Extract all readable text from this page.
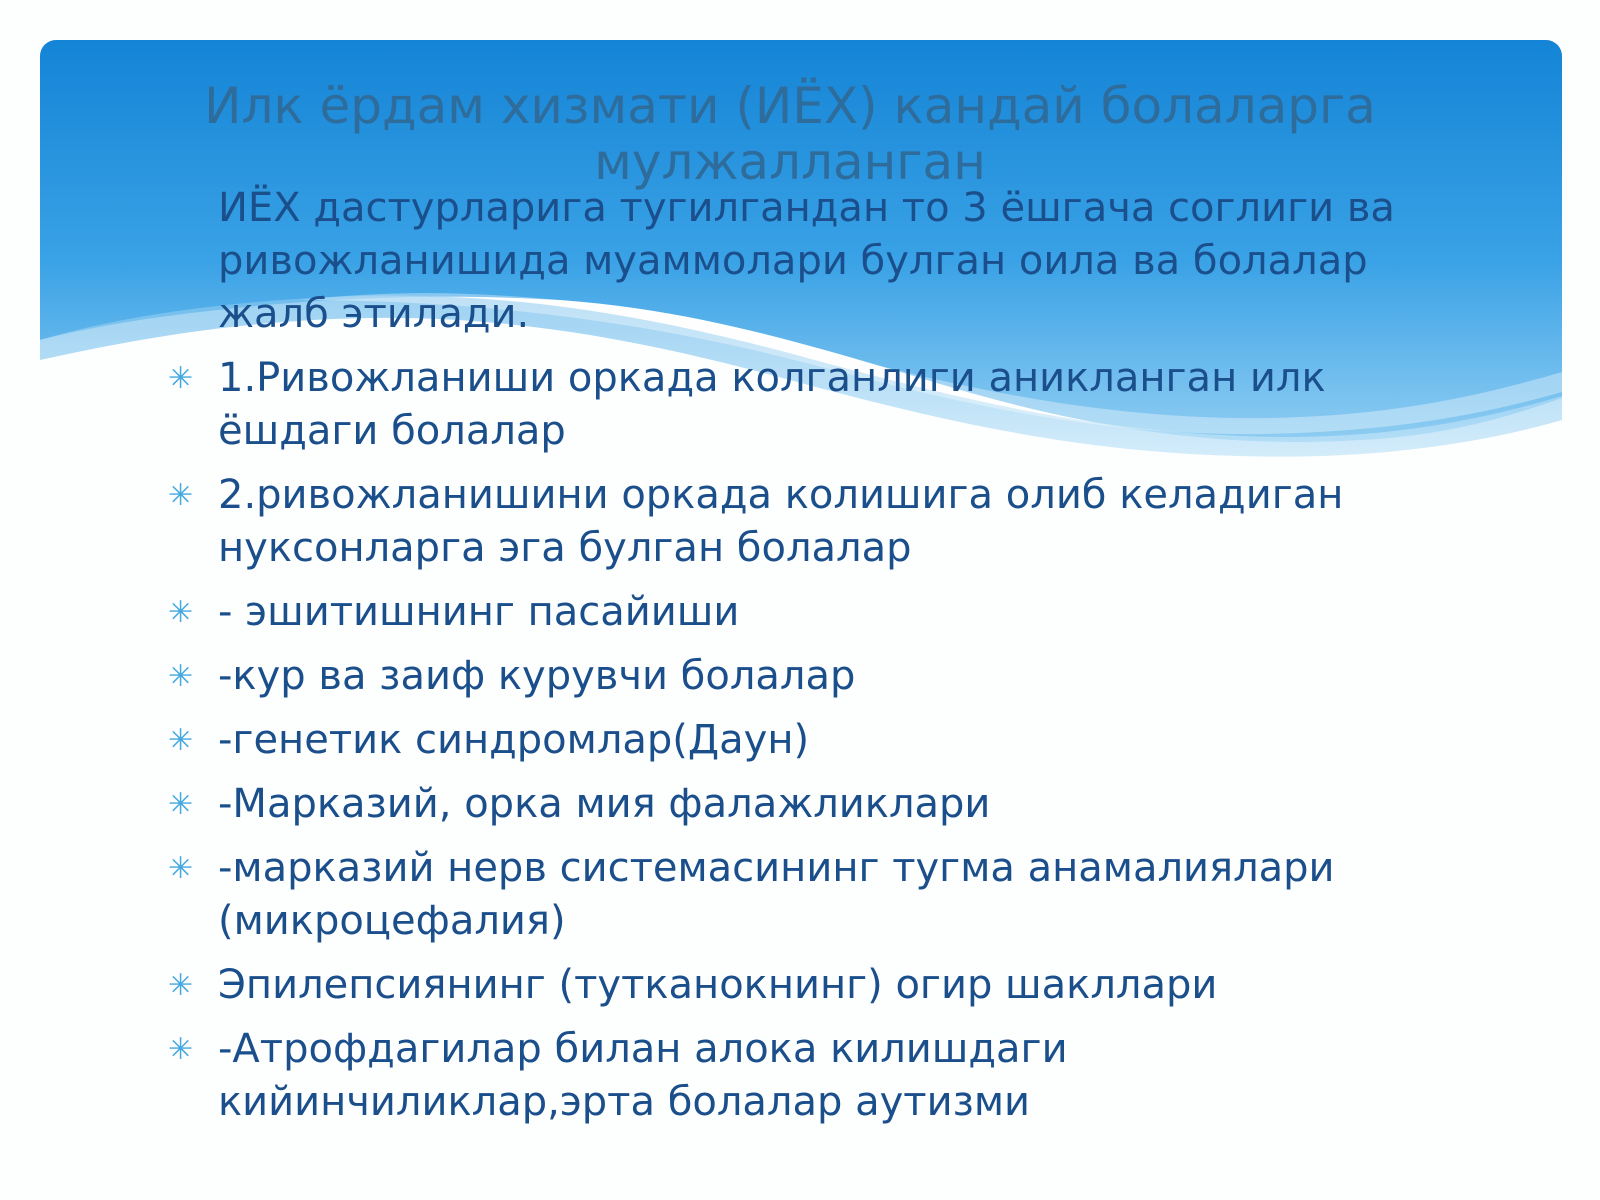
Илк ёрдам хизмати (ИЁХ) кандай болаларга мулжалланган

ИЁХ дастурларига тугилгандан то 3 ёшгача соглиги ва ривожланишида муаммолари булган оила ва болалар жалб этилади.

✳ 1.Ривожланиши оркада колганлиги аникланган илк ёшдаги болалар
✳ 2.ривожланишини оркада колишига олиб келадиган нуксонларга эга булган болалар
✳ - эшитишнинг пасайиши
✳ -кур ва заиф курувчи болалар
✳ -генетик синдромлар(Даун)
✳ -Марказий, орка мия фалажликлари
✳ -марказий нерв системасининг тугма анамалиялари (микроцефалия)
✳ Эпилепсиянинг (тутканокнинг) огир шакллари
✳ -Атрофдагилар билан алока килишдаги кийинчиликлар,эрта болалар аутизми
